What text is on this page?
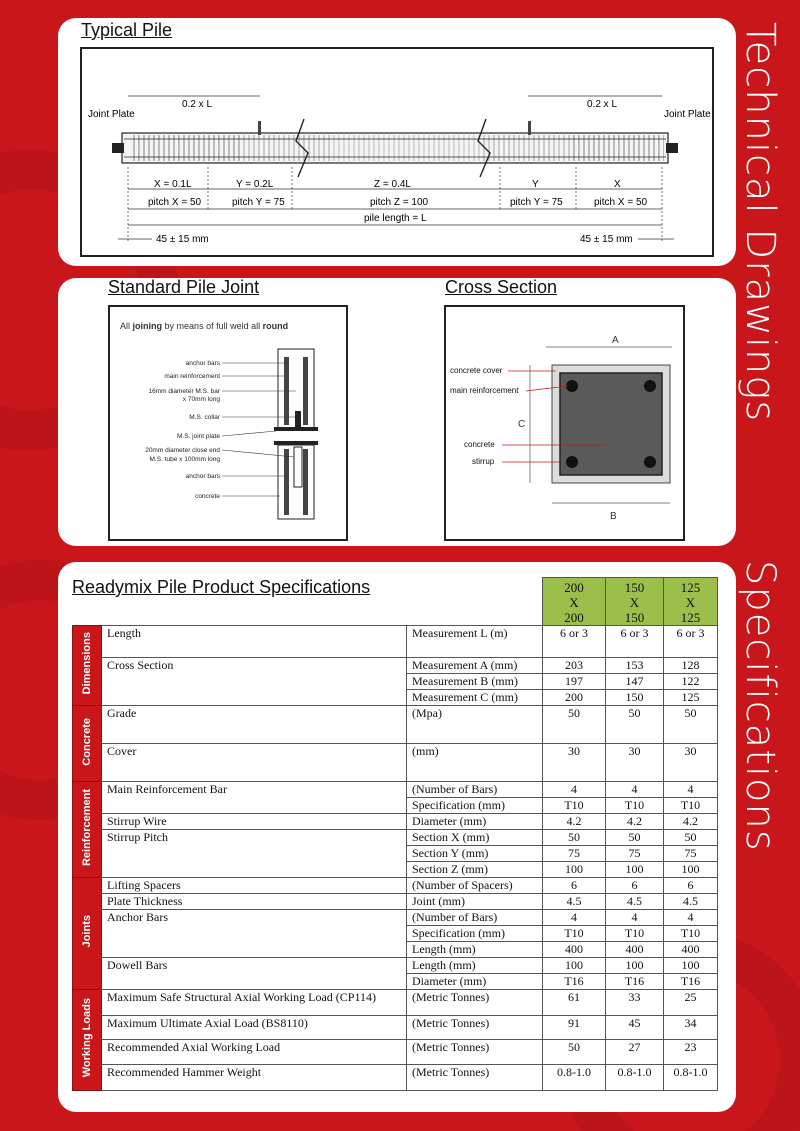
Technical Drawings
Specifications
Typical Pile
0.2 x L	0.2 x L
Joint Plate	Joint Plate
X = 0.1L	Y = 0.2L	Z = 0.4L	Y	X
pitch X = 50	pitch Y = 75	pitch Z = 100	pitch Y = 75	pitch X = 50
pile length = L
45 ± 15 mm	45 ± 15 mm
Standard Pile Joint	Cross Section
All joining by means of full weld all round
anchor bars
main reinforcement
16mm diameter M.S. bar
x 70mm long
M.S. collar
M.S. joint plate
20mm diameter close end
M.S. tube x 100mm long
anchor bars
concrete
A
C
B
concrete cover
main reinforcement
concrete
stirrup
Readymix Pile Product Specifications	200
X
200
150
X
150
125
X
125
Dimensions	Length	Measurement L (m)	6 or 3	6 or 3	6 or 3
	Cross Section	Measurement A (mm)	203	153	128
		Measurement B (mm)	197	147	122
		Measurement C (mm)	200	150	125
Concrete	Grade	(Mpa)	50	50	50
	Cover	(mm)	30	30	30
Reinforcement	Main Reinforcement Bar	(Number of Bars)	4	4	4
		Specification (mm)	T10	T10	T10
	Stirrup Wire	Diameter (mm)	4.2	4.2	4.2
	Stirrup Pitch	Section X (mm)	50	50	50
		Section Y (mm)	75	75	75
		Section Z (mm)	100	100	100
Joints	Lifting Spacers	(Number of Spacers)	6	6	6
	Plate Thickness	Joint (mm)	4.5	4.5	4.5
	Anchor Bars	(Number of Bars)	4	4	4
		Specification (mm)	T10	T10	T10
		Length (mm)	400	400	400
	Dowell Bars	Length (mm)	100	100	100
		Diameter (mm)	T16	T16	T16
Working Loads	Maximum Safe Structural Axial Working Load (CP114)	(Metric Tonnes)	61	33	25
	Maximum Ultimate Axial Load (BS8110)	(Metric Tonnes)	91	45	34
	Recommended Axial Working Load	(Metric Tonnes)	50	27	23
	Recommended Hammer Weight	(Metric Tonnes)	0.8-1.0	0.8-1.0	0.8-1.0
